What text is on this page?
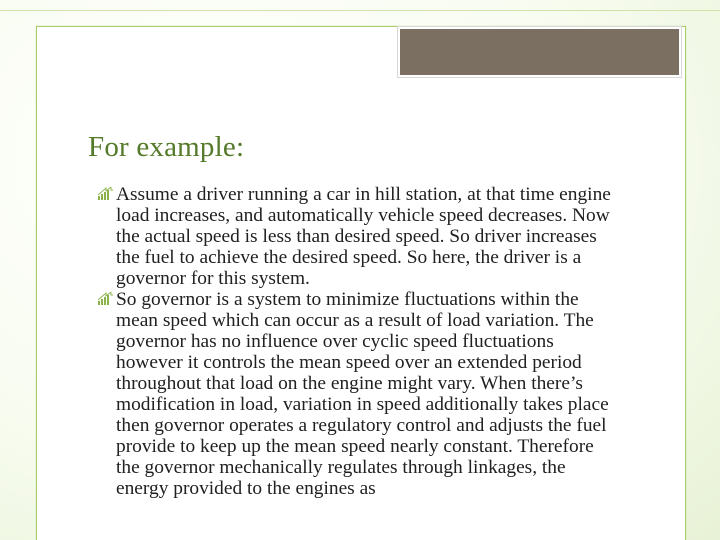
For example:
Assume a driver running a car in hill station, at that time engine load increases, and automatically vehicle speed decreases. Now the actual speed is less than desired speed. So driver increases the fuel to achieve the desired speed. So here, the driver is a governor for this system.
So governor is a system to minimize fluctuations within the mean speed which can occur as a result of load variation. The governor has no influence over cyclic speed fluctuations however it controls the mean speed over an extended period throughout that load on the engine might vary. When there’s modification in load, variation in speed additionally takes place then governor operates a regulatory control and adjusts the fuel provide to keep up the mean speed nearly constant. Therefore the governor mechanically regulates through linkages, the energy provided to the engines as
